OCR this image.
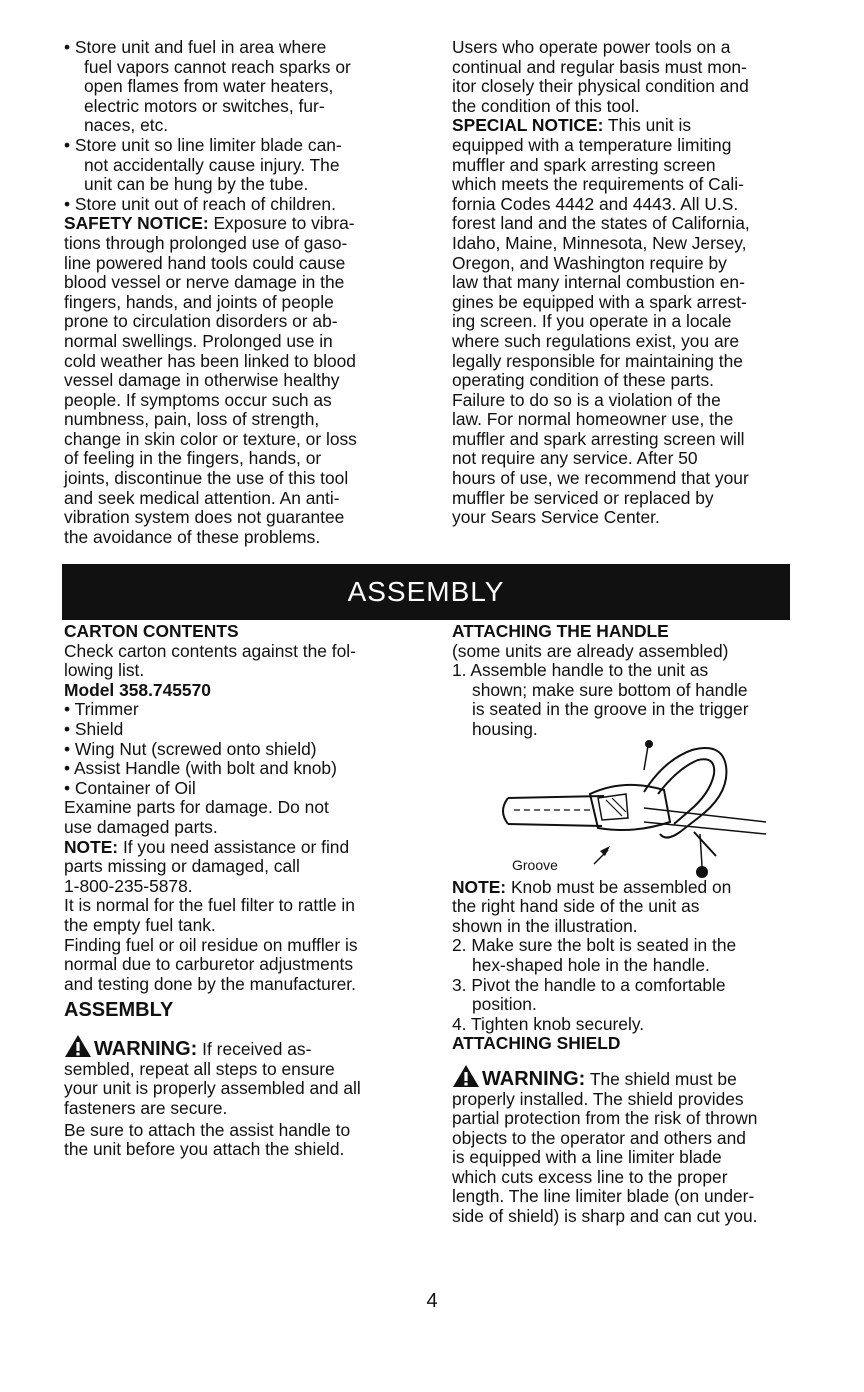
• Store unit and fuel in area where
fuel vapors cannot reach sparks or
open flames from water heaters,
electric motors or switches, fur-
naces, etc.
• Store unit so line limiter blade can-
not accidentally cause injury. The
unit can be hung by the tube.
• Store unit out of reach of children.
SAFETY NOTICE: Exposure to vibra-
tions through prolonged use of gaso-
line powered hand tools could cause
blood vessel or nerve damage in the
fingers, hands, and joints of people
prone to circulation disorders or ab-
normal swellings. Prolonged use in
cold weather has been linked to blood
vessel damage in otherwise healthy
people. If symptoms occur such as
numbness, pain, loss of strength,
change in skin color or texture, or loss
of feeling in the fingers, hands, or
joints, discontinue the use of this tool
and seek medical attention. An anti-
vibration system does not guarantee
the avoidance of these problems.
Users who operate power tools on a
continual and regular basis must mon-
itor closely their physical condition and
the condition of this tool.
SPECIAL NOTICE: This unit is
equipped with a temperature limiting
muffler and spark arresting screen
which meets the requirements of Cali-
fornia Codes 4442 and 4443. All U.S.
forest land and the states of California,
Idaho, Maine, Minnesota, New Jersey,
Oregon, and Washington require by
law that many internal combustion en-
gines be equipped with a spark arrest-
ing screen. If you operate in a locale
where such regulations exist, you are
legally responsible for maintaining the
operating condition of these parts.
Failure to do so is a violation of the
law. For normal homeowner use, the
muffler and spark arresting screen will
not require any service. After 50
hours of use, we recommend that your
muffler be serviced or replaced by
your Sears Service Center.
ASSEMBLY
CARTON CONTENTS
Check carton contents against the fol-
lowing list.
Model 358.745570
• Trimmer
• Shield
• Wing Nut (screwed onto shield)
• Assist Handle (with bolt and knob)
• Container of Oil
Examine parts for damage. Do not
use damaged parts.
NOTE: If you need assistance or find
parts missing or damaged, call
1-800-235-5878.
It is normal for the fuel filter to rattle in
the empty fuel tank.
Finding fuel or oil residue on muffler is
normal due to carburetor adjustments
and testing done by the manufacturer.
ASSEMBLY
WARNING: If received as-
sembled, repeat all steps to ensure
your unit is properly assembled and all
fasteners are secure.
Be sure to attach the assist handle to
the unit before you attach the shield.
ATTACHING THE HANDLE
(some units are already assembled)
1. Assemble handle to the unit as
shown; make sure bottom of handle
is seated in the groove in the trigger
housing.
NOTE: Knob must be assembled on
the right hand side of the unit as
shown in the illustration.
2. Make sure the bolt is seated in the
hex-shaped hole in the handle.
3. Pivot the handle to a comfortable
position.
4. Tighten knob securely.
ATTACHING SHIELD
WARNING: The shield must be
properly installed. The shield provides
partial protection from the risk of thrown
objects to the operator and others and
is equipped with a line limiter blade
which cuts excess line to the proper
length. The line limiter blade (on under-
side of shield) is sharp and can cut you.
Groove
4
